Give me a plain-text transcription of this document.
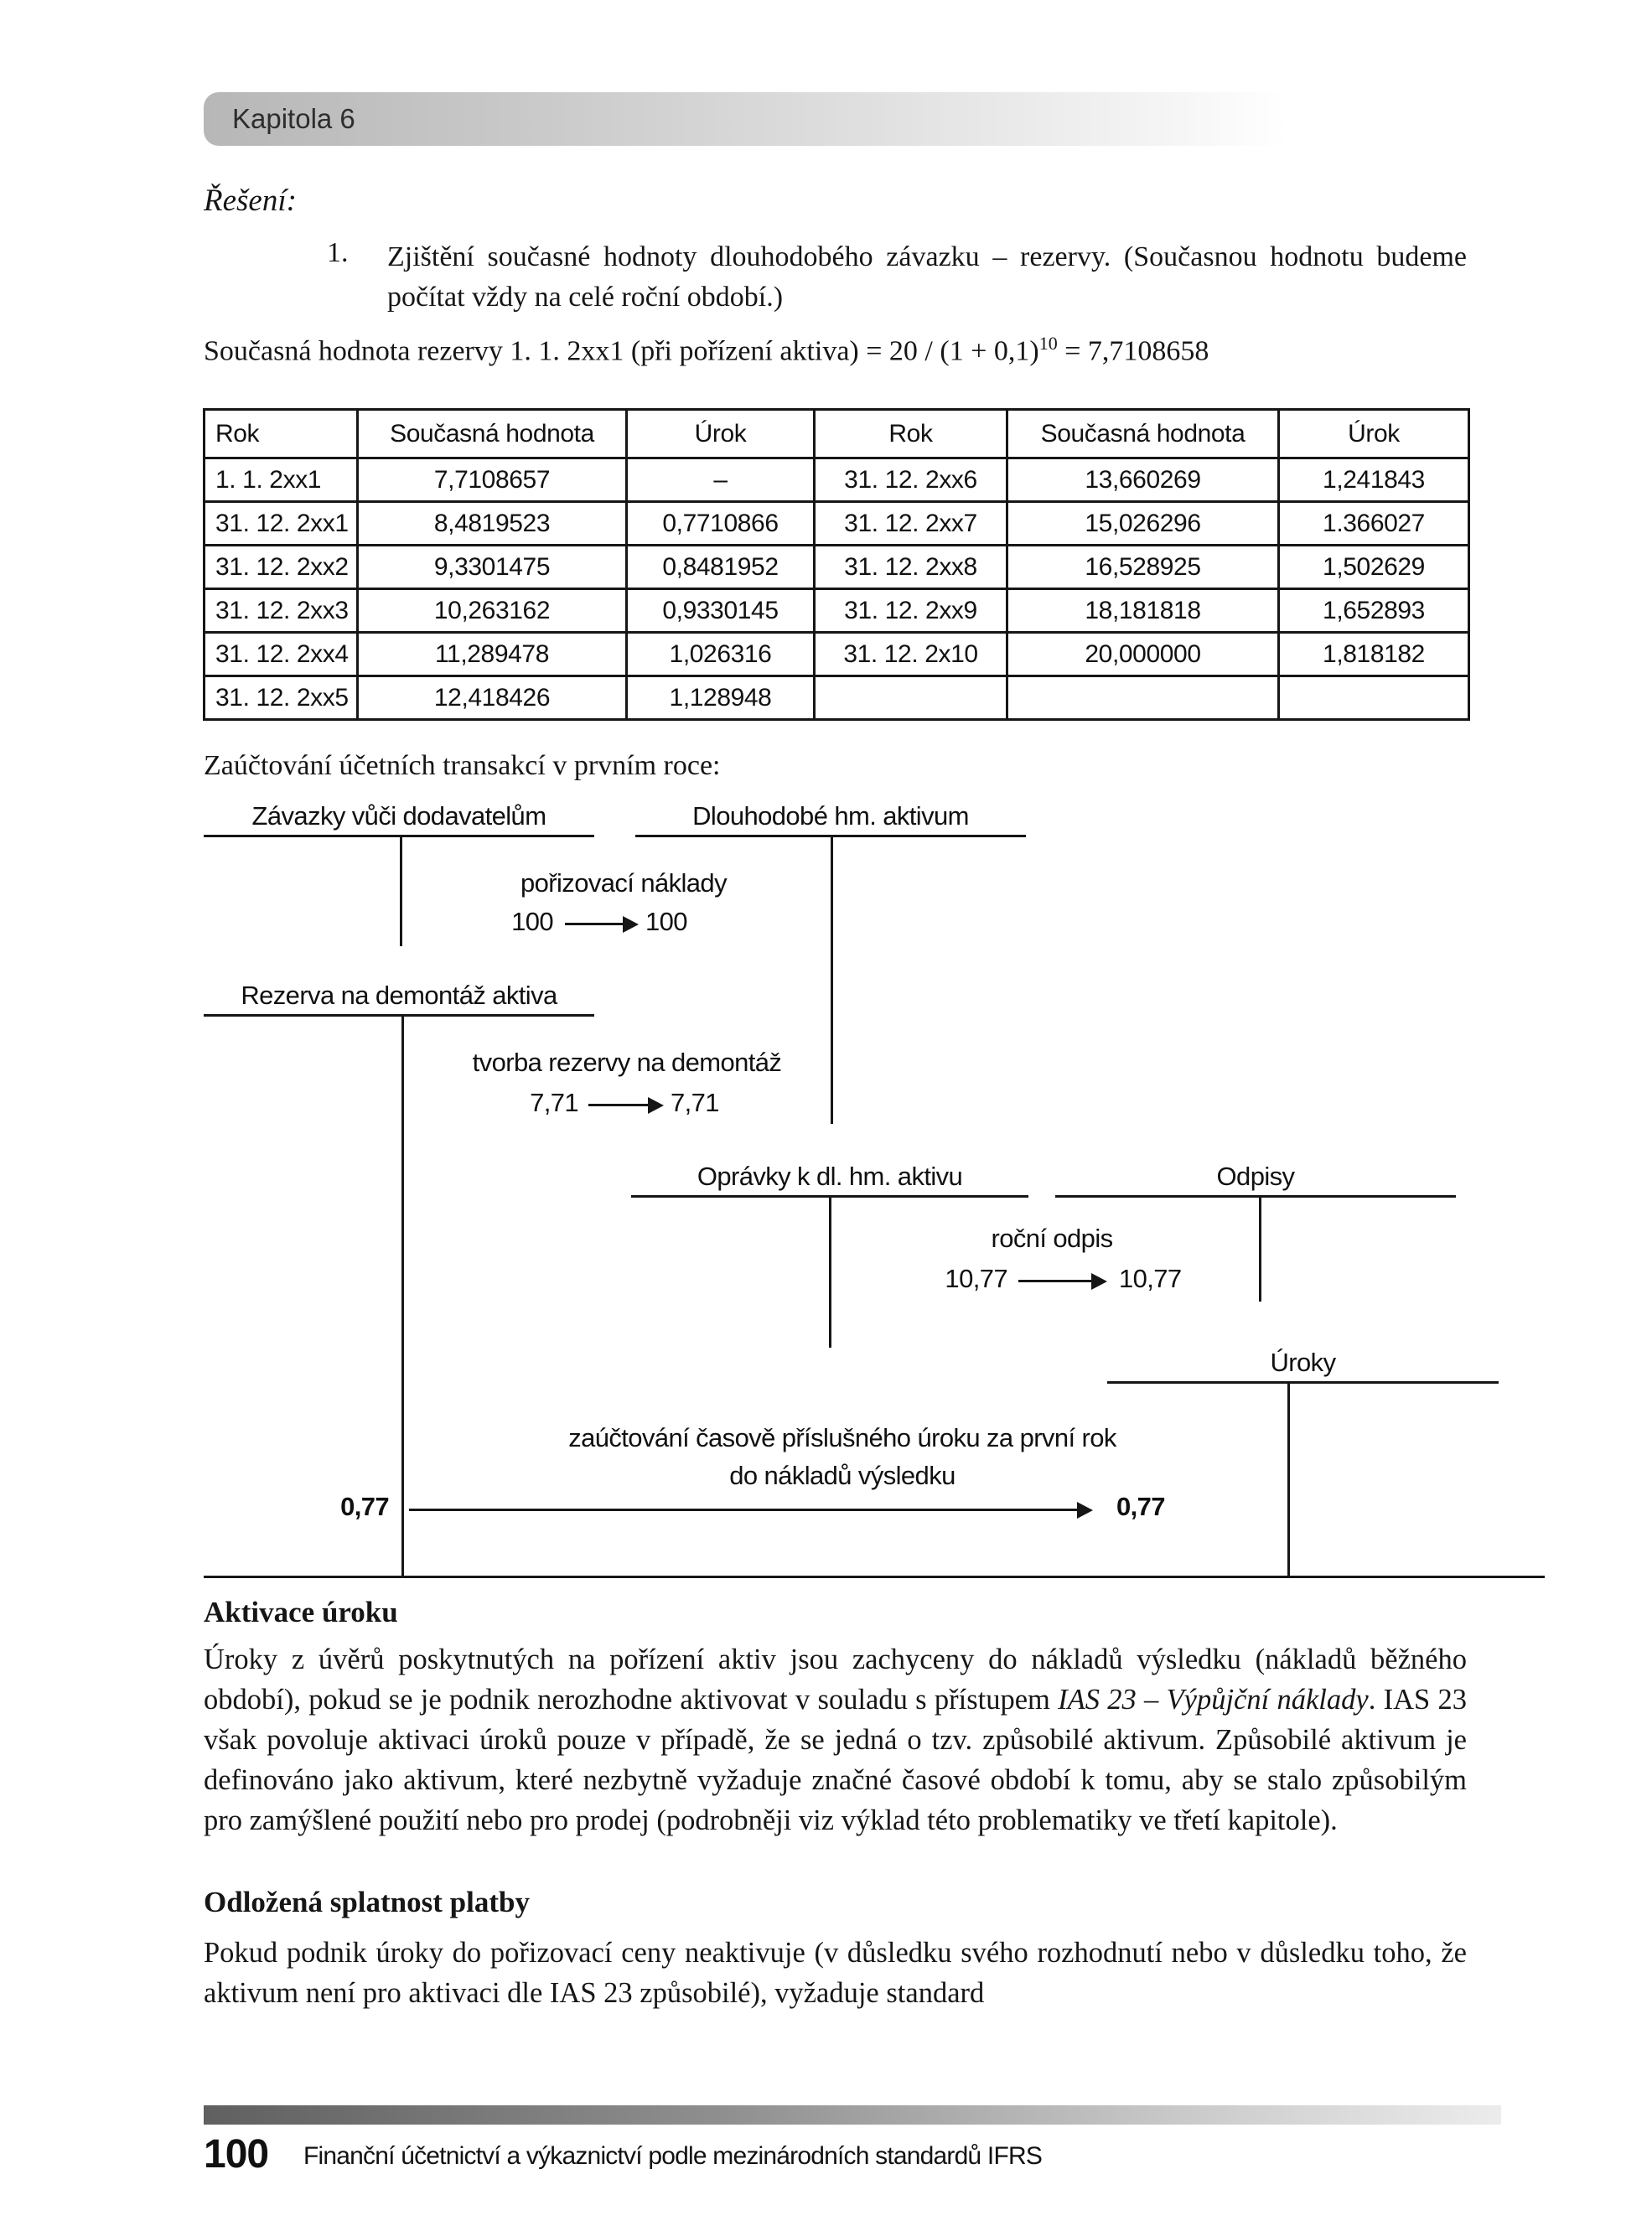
Kapitola 6
Řešení:
1. Zjištění současné hodnoty dlouhodobého závazku – rezervy. (Současnou hodnotu budeme počítat vždy na celé roční období.)
Současná hodnota rezervy 1. 1. 2xx1 (při pořízení aktiva) = $20 / (1 + 0,1)^{10} = 7,7108658$
Rok	Současná hodnota	Úrok	Rok	Současná hodnota	Úrok
1. 1. 2xx1	7,7108657	–	31. 12. 2xx6	13,660269	1,241843
31. 12. 2xx1	8,4819523	0,7710866	31. 12. 2xx7	15,026296	1.366027
31. 12. 2xx2	9,3301475	0,8481952	31. 12. 2xx8	16,528925	1,502629
31. 12. 2xx3	10,263162	0,9330145	31. 12. 2xx9	18,181818	1,652893
31. 12. 2xx4	11,289478	1,026316	31. 12. 2x10	20,000000	1,818182
31. 12. 2xx5	12,418426	1,128948			
Zaúčtování účetních transakcí v prvním roce:
Závazky vůči dodavatelům	Dlouhodobé hm. aktivum
pořizovací náklady
100	100
Rezerva na demontáž aktiva
tvorba rezervy na demontáž
7,71	7,71
Oprávky k dl. hm. aktivu	Odpisy
roční odpis
10,77	10,77
Úroky
zaúčtování časově příslušného úroku za první rok
do nákladů výsledku
0,77	0,77
Aktivace úroku
Úroky z úvěrů poskytnutých na pořízení aktiv jsou zachyceny do nákladů výsledku (nákladů běžného období), pokud se je podnik nerozhodne aktivovat v souladu s přístupem IAS 23 – Výpůjční náklady. IAS 23 však povoluje aktivaci úroků pouze v případě, že se jedná o tzv. způsobilé aktivum. Způsobilé aktivum je definováno jako aktivum, které nezbytně vyžaduje značné časové období k tomu, aby se stalo způsobilým pro zamýšlené použití nebo pro prodej (podrobněji viz výklad této problematiky ve třetí kapitole).
Odložená splatnost platby
Pokud podnik úroky do pořizovací ceny neaktivuje (v důsledku svého rozhodnutí nebo v důsledku toho, že aktivum není pro aktivaci dle IAS 23 způsobilé), vyžaduje standard
100 Finanční účetnictví a výkaznictví podle mezinárodních standardů IFRS
